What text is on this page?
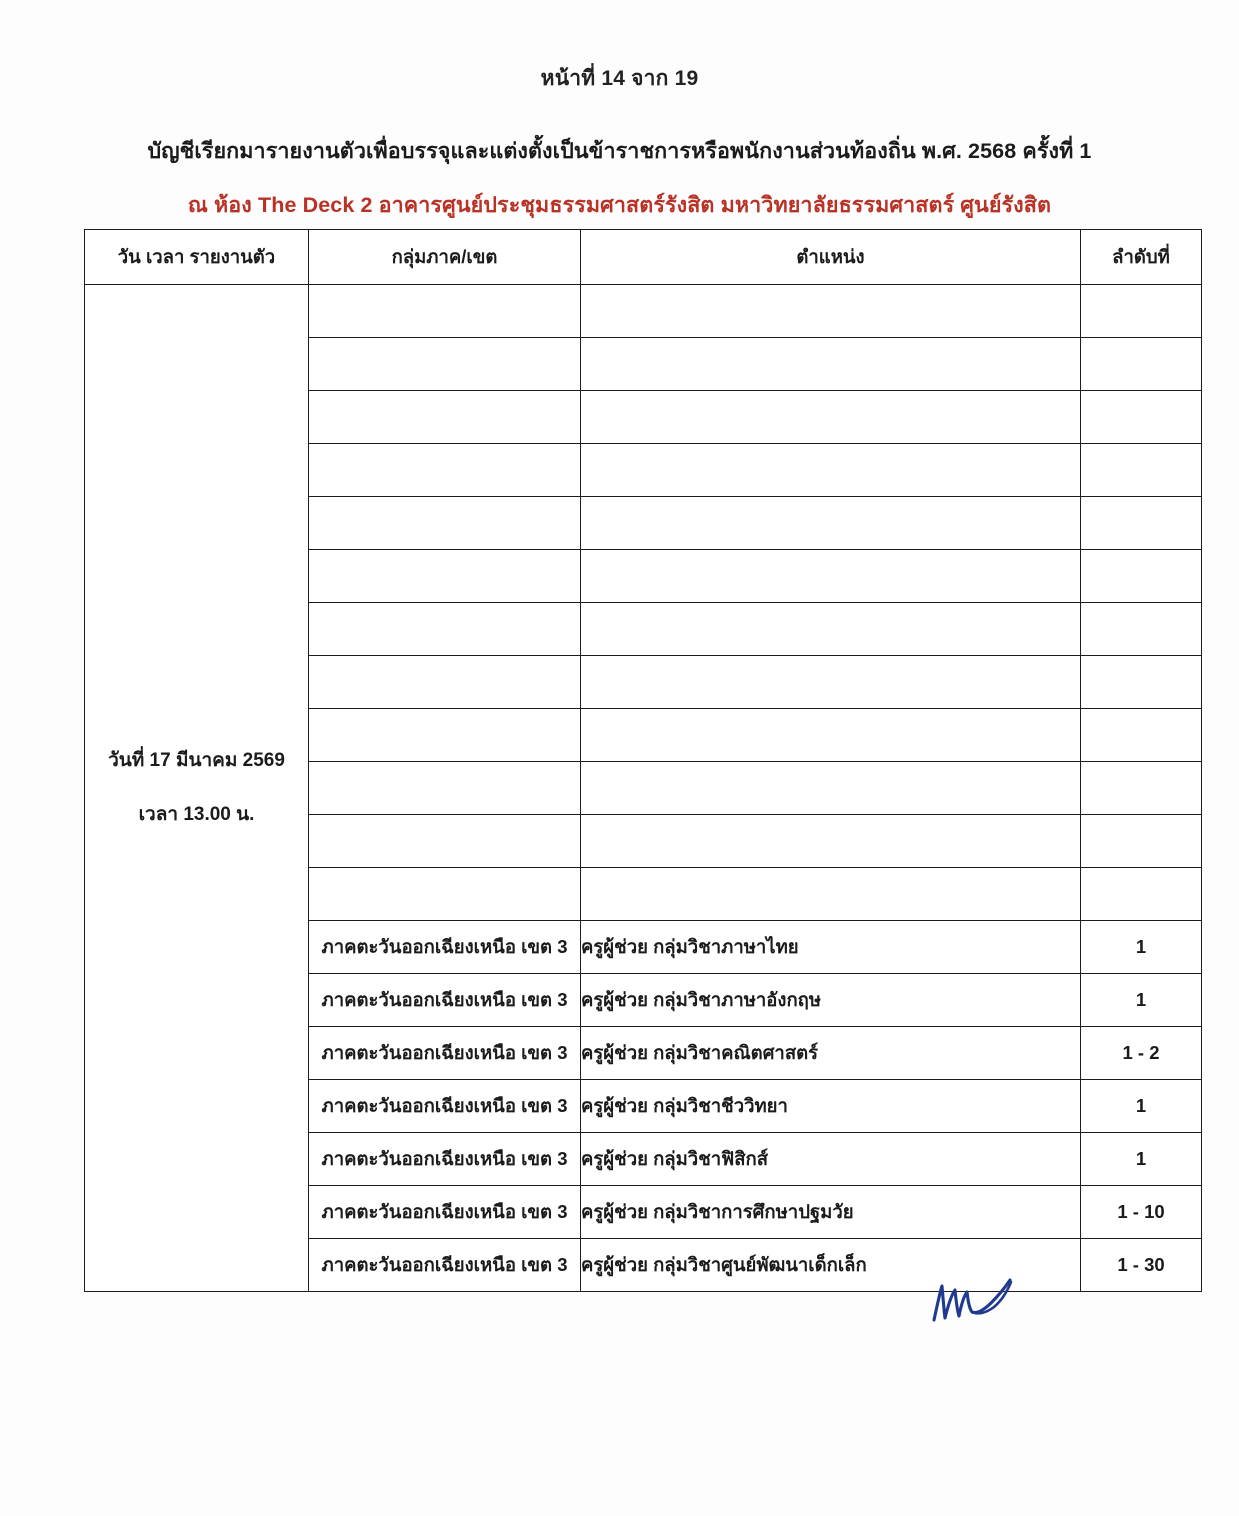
หน้าที่ 14 จาก 19
บัญชีเรียกมารายงานตัวเพื่อบรรจุและแต่งตั้งเป็นข้าราชการหรือพนักงานส่วนท้องถิ่น พ.ศ. 2568 ครั้งที่ 1
ณ ห้อง The Deck 2 อาคารศูนย์ประชุมธรรมศาสตร์รังสิต มหาวิทยาลัยธรรมศาสตร์ ศูนย์รังสิต
วัน เวลา รายงานตัว	กลุ่มภาค/เขต	ตำแหน่ง	ลำดับที่

วันที่ 17 มีนาคม 2569
เวลา 13.00 น.			

	ภาคตะวันออกเฉียงเหนือ เขต 3	ครูผู้ช่วย กลุ่มวิชาภาษาไทย	1
	ภาคตะวันออกเฉียงเหนือ เขต 3	ครูผู้ช่วย กลุ่มวิชาภาษาอังกฤษ	1
	ภาคตะวันออกเฉียงเหนือ เขต 3	ครูผู้ช่วย กลุ่มวิชาคณิตศาสตร์	1 - 2
	ภาคตะวันออกเฉียงเหนือ เขต 3	ครูผู้ช่วย กลุ่มวิชาชีววิทยา	1
	ภาคตะวันออกเฉียงเหนือ เขต 3	ครูผู้ช่วย กลุ่มวิชาฟิสิกส์	1
	ภาคตะวันออกเฉียงเหนือ เขต 3	ครูผู้ช่วย กลุ่มวิชาการศึกษาปฐมวัย	1 - 10
	ภาคตะวันออกเฉียงเหนือ เขต 3	ครูผู้ช่วย กลุ่มวิชาศูนย์พัฒนาเด็กเล็ก	1 - 30
